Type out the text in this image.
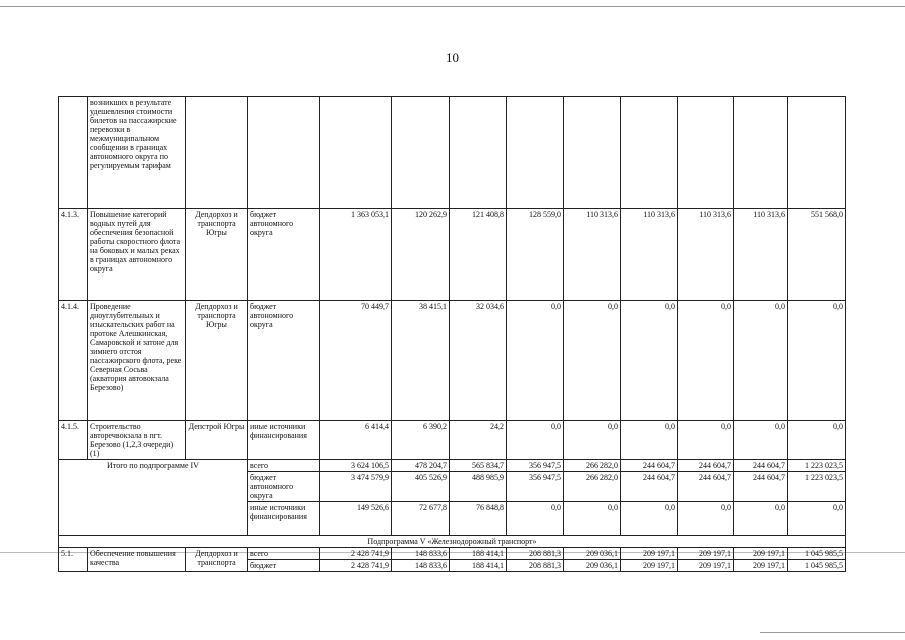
10
	возникших в результате удешевления стоимости билетов на пассажирские перевозки в межмуниципальном сообщении в границах автономного округа по регулируемым тарифам											
4.1.3.	Повышение категорий водных путей для обеспечения безопасной работы скоростного флота на боковых и малых реках в границах автономного округа	Депдорхоз и транспорта Югры	бюджет автономного округа	1 363 053,1	120 262,9	121 408,8	128 559,0	110 313,6	110 313,6	110 313,6	110 313,6	551 568,0
4.1.4.	Проведение дноуглубительных и изыскательских работ на протоке Алешкинская, Самаровской и затоне для зимнего отстоя пассажирского флота, реке Северная Сосьва (акватория автовокзала Березово)	Депдорхоз и транспорта Югры	бюджет автономного округа	70 449,7	38 415,1	32 034,6	0,0	0,0	0,0	0,0	0,0	0,0
4.1.5.	Строительство авторечвокзала в пгт. Березово (1,2,3 очереди) (1)	Депстрой Югры	иные источники финансирования	6 414,4	6 390,2	24,2	0,0	0,0	0,0	0,0	0,0	0,0
Итого по подпрограмме IV			всего	3 624 106,5	478 204,7	565 834,7	356 947,5	266 282,0	244 604,7	244 604,7	244 604,7	1 223 023,5
			бюджет автономного округа	3 474 579,9	405 526,9	488 985,9	356 947,5	266 282,0	244 604,7	244 604,7	244 604,7	1 223 023,5
			иные источники финансирования	149 526,6	72 677,8	76 848,8	0,0	0,0	0,0	0,0	0,0	0,0
Подпрограмма V «Железнодорожный транспорт»												
5.1.	Обеспечение повышения качества	Депдорхоз и транспорта	всего	2 428 741,9	148 833,6	188 414,1	208 881,3	209 036,1	209 197,1	209 197,1	209 197,1	1 045 985,5
			бюджет	2 428 741,9	148 833,6	188 414,1	208 881,3	209 036,1	209 197,1	209 197,1	209 197,1	1 045 985,5
